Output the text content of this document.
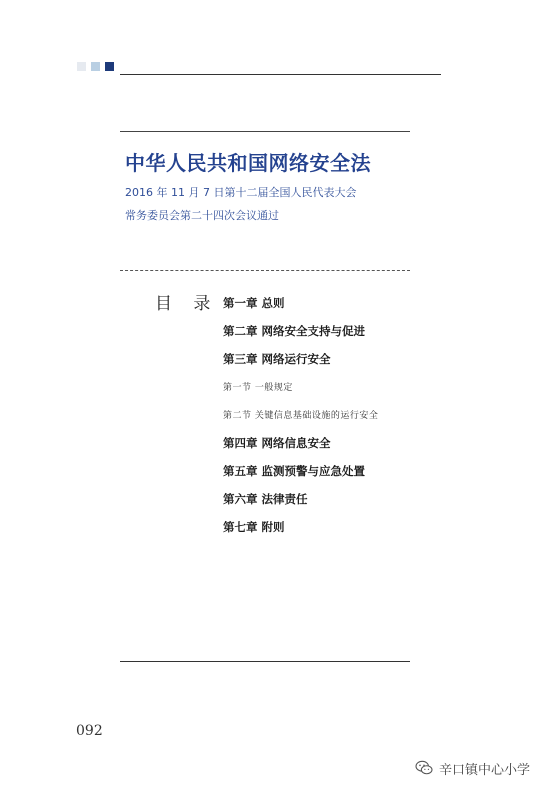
中华人民共和国网络安全法
2016 年 11 月 7 日第十二届全国人民代表大会
常务委员会第二十四次会议通过
目 录 第一章 总则
第二章 网络安全支持与促进
第三章 网络运行安全
第一节 一般规定
第二节 关键信息基础设施的运行安全
第四章 网络信息安全
第五章 监测预警与应急处置
第六章 法律责任
第七章 附则
092
辛口镇中心小学
